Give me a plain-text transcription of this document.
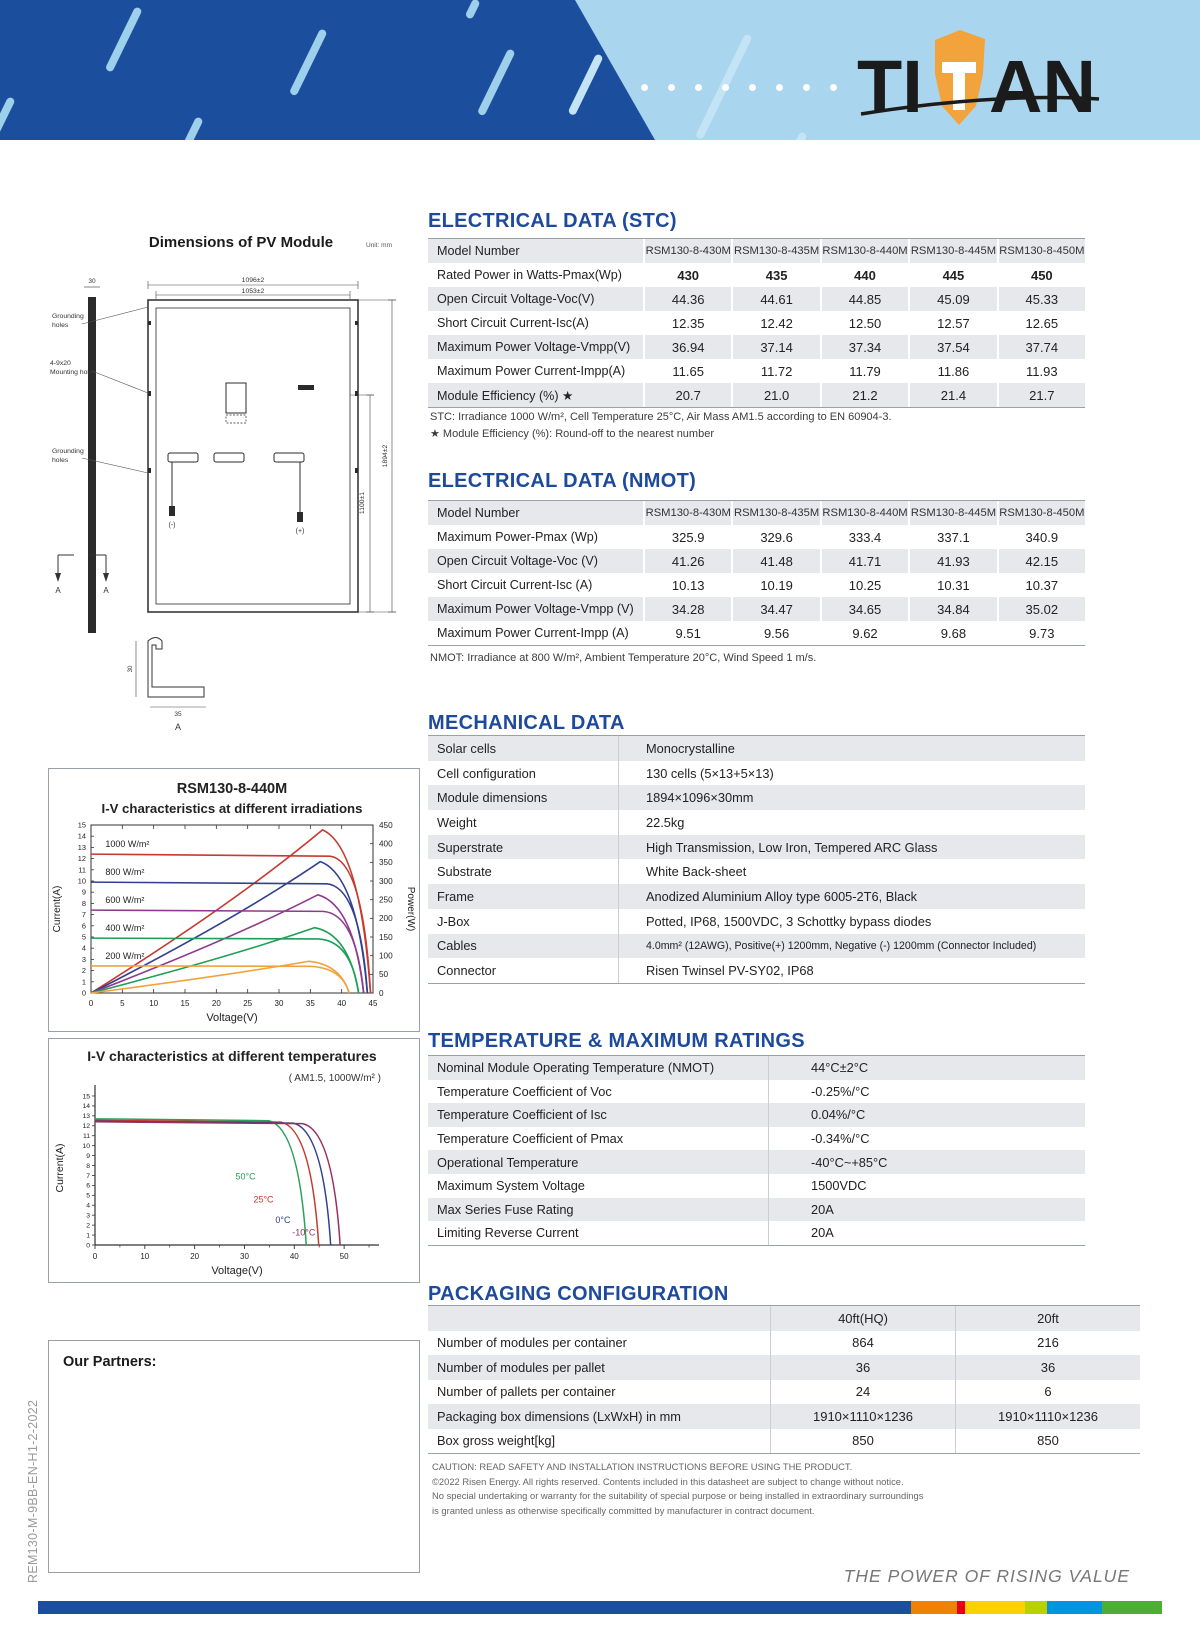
TI AN
Dimensions of PV Module	Unit: mm
30
A	A
1096±2
1053±2
1100±1
1894±2
(-)
(+)
Grounding
holes
4-9x20
Mounting holes
Grounding
holes
30
35
A
ELECTRICAL DATA (STC)
Model Number	RSM130-8-430M RSM130-8-435M RSM130-8-440M RSM130-8-445M RSM130-8-450M
Rated Power in Watts-Pmax(Wp)	430	435	440	445	450
Open Circuit Voltage-Voc(V)	44.36	44.61	44.85	45.09	45.33
Short Circuit Current-Isc(A)	12.35	12.42	12.50	12.57	12.65
Maximum Power Voltage-Vmpp(V)	36.94	37.14	37.34	37.54	37.74
Maximum Power Current-Impp(A)	11.65	11.72	11.79	11.86	11.93
Module Efficiency (%) ★	20.7	21.0	21.2	21.4	21.7
STC: Irradiance 1000 W/m², Cell Temperature 25°C, Air Mass AM1.5 according to EN 60904-3.
★ Module Efficiency (%): Round-off to the nearest number
ELECTRICAL DATA (NMOT)
Model Number	RSM130-8-430M RSM130-8-435M RSM130-8-440M RSM130-8-445M RSM130-8-450M
Maximum Power-Pmax (Wp)	325.9	329.6	333.4	337.1	340.9
Open Circuit Voltage-Voc (V)	41.26	41.48	41.71	41.93	42.15
Short Circuit Current-Isc (A)	10.13	10.19	10.25	10.31	10.37
Maximum Power Voltage-Vmpp (V)	34.28	34.47	34.65	34.84	35.02
Maximum Power Current-Impp (A)	9.51	9.56	9.62	9.68	9.73
NMOT: Irradiance at 800 W/m², Ambient Temperature 20°C, Wind Speed 1 m/s.
MECHANICAL DATA
Solar cells	Monocrystalline
Cell configuration	130 cells (5×13+5×13)
Module dimensions	1894×1096×30mm
Weight	22.5kg
Superstrate	High Transmission, Low Iron, Tempered ARC Glass
Substrate	White Back-sheet
Frame	Anodized Aluminium Alloy type 6005-2T6, Black
J-Box	Potted, IP68, 1500VDC, 3 Schottky bypass diodes
Cables	4.0mm² (12AWG), Positive(+) 1200mm, Negative (-) 1200mm (Connector Included)
Connector	Risen Twinsel PV-SY02, IP68
TEMPERATURE & MAXIMUM RATINGS
Nominal Module Operating Temperature (NMOT)	44°C±2°C
Temperature Coefficient of Voc	-0.25%/°C
Temperature Coefficient of Isc	0.04%/°C
Temperature Coefficient of Pmax	-0.34%/°C
Operational Temperature	-40°C~+85°C
Maximum System Voltage	1500VDC
Max Series Fuse Rating	20A
Limiting Reverse Current	20A
PACKAGING CONFIGURATION
40ft(HQ)	20ft
Number of modules per container	864	216
Number of modules per pallet	36	36
Number of pallets per container	24	6
Packaging box dimensions (LxWxH) in mm	1910×1110×1236	1910×1110×1236
Box gross weight[kg]	850	850
RSM130-8-440M
I-V characteristics at different irradiations
0	5	10	15	20	25	30	35	40	45
0
1
2
3
4
5
6
7
8
9
10
11
12
13
14
15
0
50
100
150
200
250
300
350
400
450
Voltage(V)
Current(A)	Power(W)
1000 W/m²
800 W/m²
600 W/m²
400 W/m²
200 W/m²
I-V characteristics at different temperatures
( AM1.5, 1000W/m² )
0	10	20	30	40	50
0
1
2
3
4
5
6
7
8
9
10
11
12
13
14
15
Voltage(V)
Current(A)	50°C
25°C
0°C
-10°C
Our Partners:
REM130-M-9BB-EN-H1-2-2022	CAUTION: READ SAFETY AND INSTALLATION INSTRUCTIONS BEFORE USING THE PRODUCT.
©2022 Risen Energy. All rights reserved. Contents included in this datasheet are subject to change without notice.
No special undertaking or warranty for the suitability of special purpose or being installed in extraordinary surroundings
is granted unless as otherwise specifically committed by manufacturer in contract document.
THE POWER OF RISING VALUE
